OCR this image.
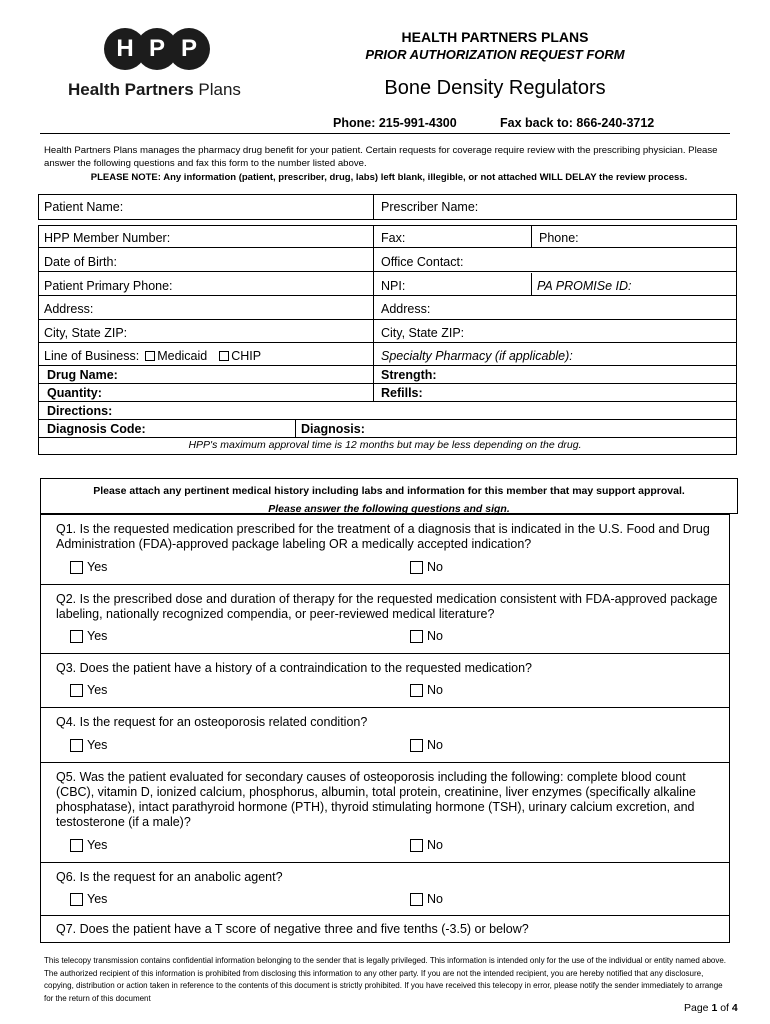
H P P
Health Partners Plans
HEALTH PARTNERS PLANS
PRIOR AUTHORIZATION REQUEST FORM
Bone Density Regulators
Phone: 215-991-4300	Fax back to: 866-240-3712
Health Partners Plans manages the pharmacy drug benefit for your patient. Certain requests for coverage require review with the prescribing physician. Please answer the following questions and fax this form to the number listed above.
PLEASE NOTE: Any information (patient, prescriber, drug, labs) left blank, illegible, or not attached WILL DELAY the review process.
Patient Name:	Prescriber Name:
HPP Member Number:	Fax:	Phone:
Date of Birth:	Office Contact:
Patient Primary Phone:	NPI:	PA PROMISe ID:
Address:	Address:
City, State ZIP:	City, State ZIP:
Line of Business: Medicaid CHIP	Specialty Pharmacy (if applicable):
Drug Name:	Strength:
Quantity:	Refills:
Directions:
Diagnosis Code:	Diagnosis:
HPP's maximum approval time is 12 months but may be less depending on the drug.
Please attach any pertinent medical history including labs and information for this member that may support approval.
Please answer the following questions and sign.
Q1. Is the requested medication prescribed for the treatment of a diagnosis that is indicated in the U.S. Food and Drug Administration (FDA)-approved package labeling OR a medically accepted indication?
Yes	No
Q2. Is the prescribed dose and duration of therapy for the requested medication consistent with FDA-approved package labeling, nationally recognized compendia, or peer-reviewed medical literature?
Yes	No
Q3. Does the patient have a history of a contraindication to the requested medication?
Yes	No
Q4. Is the request for an osteoporosis related condition?
Yes	No
Q5. Was the patient evaluated for secondary causes of osteoporosis including the following: complete blood count (CBC), vitamin D, ionized calcium, phosphorus, albumin, total protein, creatinine, liver enzymes (specifically alkaline phosphatase), intact parathyroid hormone (PTH), thyroid stimulating hormone (TSH), urinary calcium excretion, and testosterone (if a male)?
Yes	No
Q6. Is the request for an anabolic agent?
Yes	No
Q7. Does the patient have a T score of negative three and five tenths (-3.5) or below?
This telecopy transmission contains confidential information belonging to the sender that is legally privileged. This information is intended only for the use of the individual or entity named above. The authorized recipient of this information is prohibited from disclosing this information to any other party. If you are not the intended recipient, you are hereby notified that any disclosure, copying, distribution or action taken in reference to the contents of this document is strictly prohibited. If you have received this telecopy in error, please notify the sender immediately to arrange for the return of this document
Page 1 of 4
